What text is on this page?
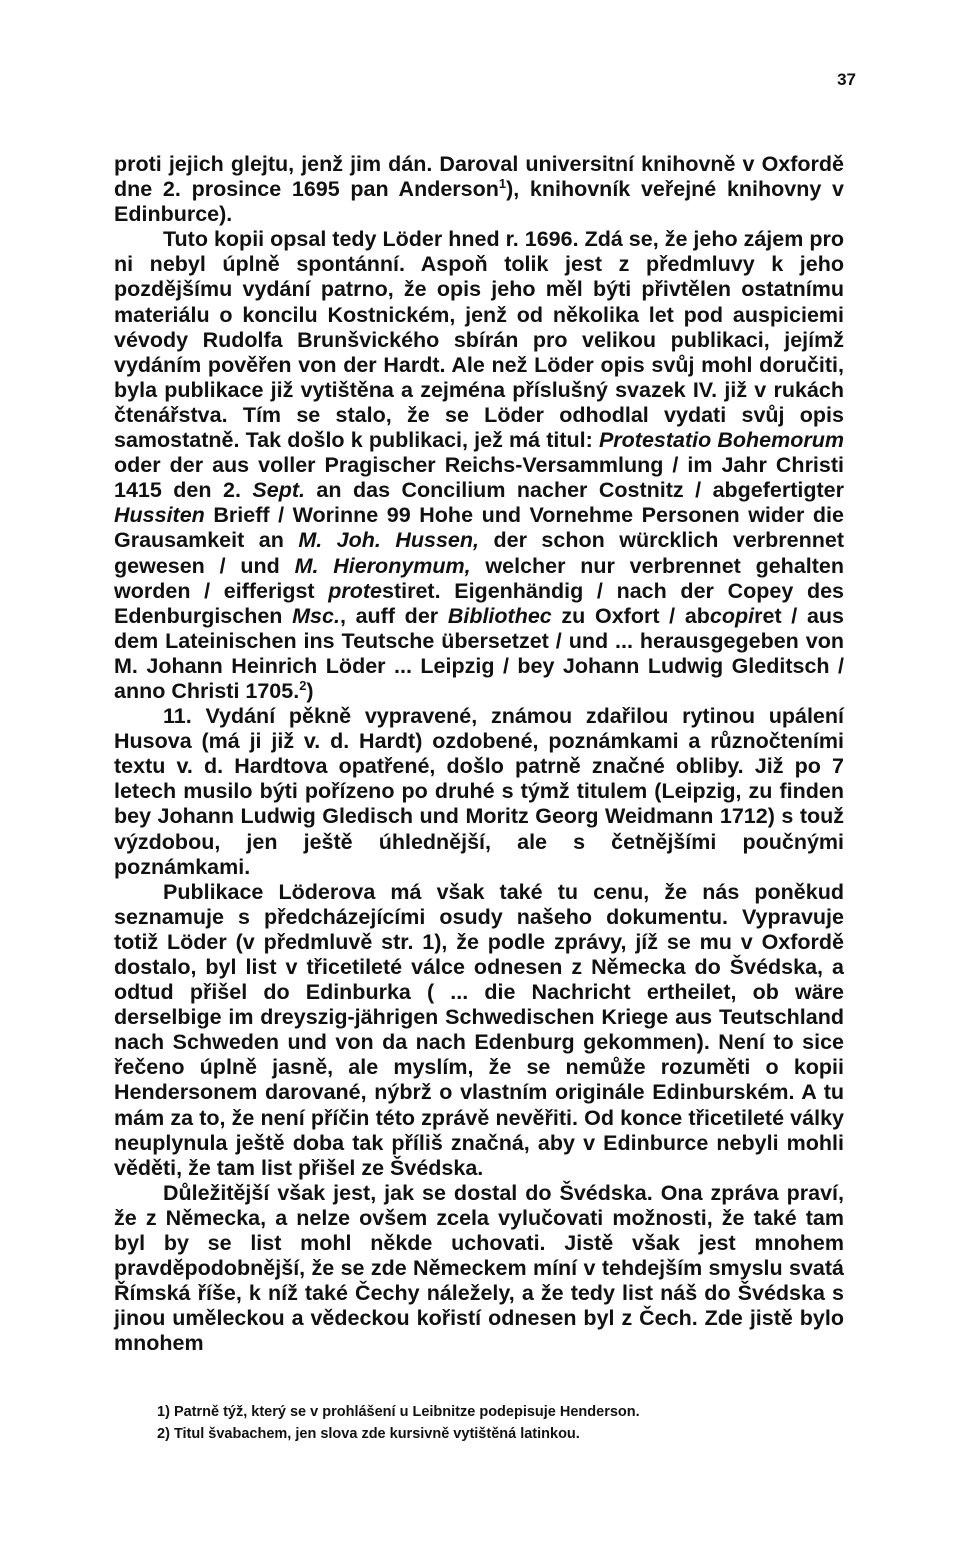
37

proti jejich glejtu, jenž jim dán. Daroval universitní knihovně v Oxfordě dne 2. prosince 1695 pan Anderson$^1$), knihovník veřejné knihovny v Edinburce).

Tuto kopii opsal tedy Löder hned r. 1696. Zdá se, že jeho zájem pro ni nebyl úplně spontánní. Aspoň tolik jest z předmluvy k jeho pozdějšímu vydání patrno, že opis jeho měl býti přivtělen ostatnímu materiálu o koncilu Kostnickém, jenž od několika let pod auspiciemi vévody Rudolfa Brunšvického sbírán pro velikou publikaci, jejímž vydáním pověřen von der Hardt. Ale než Löder opis svůj mohl doručiti, byla publikace již vytištěna a zejména příslušný svazek IV. již v rukách čtenářstva. Tím se stalo, že se Löder odhodlal vydati svůj opis samostatně. Tak došlo k publikaci, jež má titul: Protestatio Bohemorum oder der aus voller Pragischer Reichs-Versammlung / im Jahr Christi 1415 den 2. Sept. an das Concilium nacher Costnitz / abgefertigter Hussiten Brieff / Worinne 99 Hohe und Vornehme Personen wider die Grausamkeit an M. Joh. Hussen, der schon würcklich verbrennet gewesen / und M. Hieronymum, welcher nur verbrennet gehalten worden / eifferigst protestiret. Eigenhändig / nach der Copey des Edenburgischen Msc., auff der Bibliothec zu Oxfort / abcopiret / aus dem Lateinischen ins Teutsche übersetzet / und ... herausgegeben von M. Johann Heinrich Löder ... Leipzig / bey Johann Ludwig Gleditsch / anno Christi 1705.$^2$)

11. Vydání pěkně vypravené, známou zdařilou rytinou upálení Husova (má ji již v. d. Hardt) ozdobené, poznámkami a různočteními textu v. d. Hardtova opatřené, došlo patrně značné obliby. Již po 7 letech musilo býti pořízeno po druhé s týmž titulem (Leipzig, zu finden bey Johann Ludwig Gledisch und Moritz Georg Weidmann 1712) s touž výzdobou, jen ještě úhlednější, ale s četnějšími poučnými poznámkami.

Publikace Löderova má však také tu cenu, že nás poněkud seznamuje s předcházejícími osudy našeho dokumentu. Vypravuje totiž Löder (v předmluvě str. 1), že podle zprávy, jíž se mu v Oxfordě dostalo, byl list v třicetileté válce odnesen z Německa do Švédska, a odtud přišel do Edinburka ( ... die Nachricht ertheilet, ob wäre derselbige im dreyszig-jährigen Schwedischen Kriege aus Teutschland nach Schweden und von da nach Edenburg gekommen). Není to sice řečeno úplně jasně, ale myslím, že se nemůže rozuměti o kopii Hendersonem darované, nýbrž o vlastním originále Edinburském. A tu mám za to, že není příčin této zprávě nevěřiti. Od konce třicetileté války neuplynula ještě doba tak příliš značná, aby v Edinburce nebyli mohli věděti, že tam list přišel ze Švédska.

Důležitější však jest, jak se dostal do Švédska. Ona zpráva praví, že z Německa, a nelze ovšem zcela vylučovati možnosti, že také tam byl by se list mohl někde uchovati. Jistě však jest mnohem pravděpodobnější, že se zde Německem míní v tehdejším smyslu svatá Římská říše, k níž také Čechy náležely, a že tedy list náš do Švédska s jinou uměleckou a vědeckou kořistí odnesen byl z Čech. Zde jistě bylo mnohem

1) Patrně týž, který se v prohlášení u Leibnitze podepisuje Henderson.

2) Titul švabachem, jen slova zde kursivně vytištěná latinkou.
